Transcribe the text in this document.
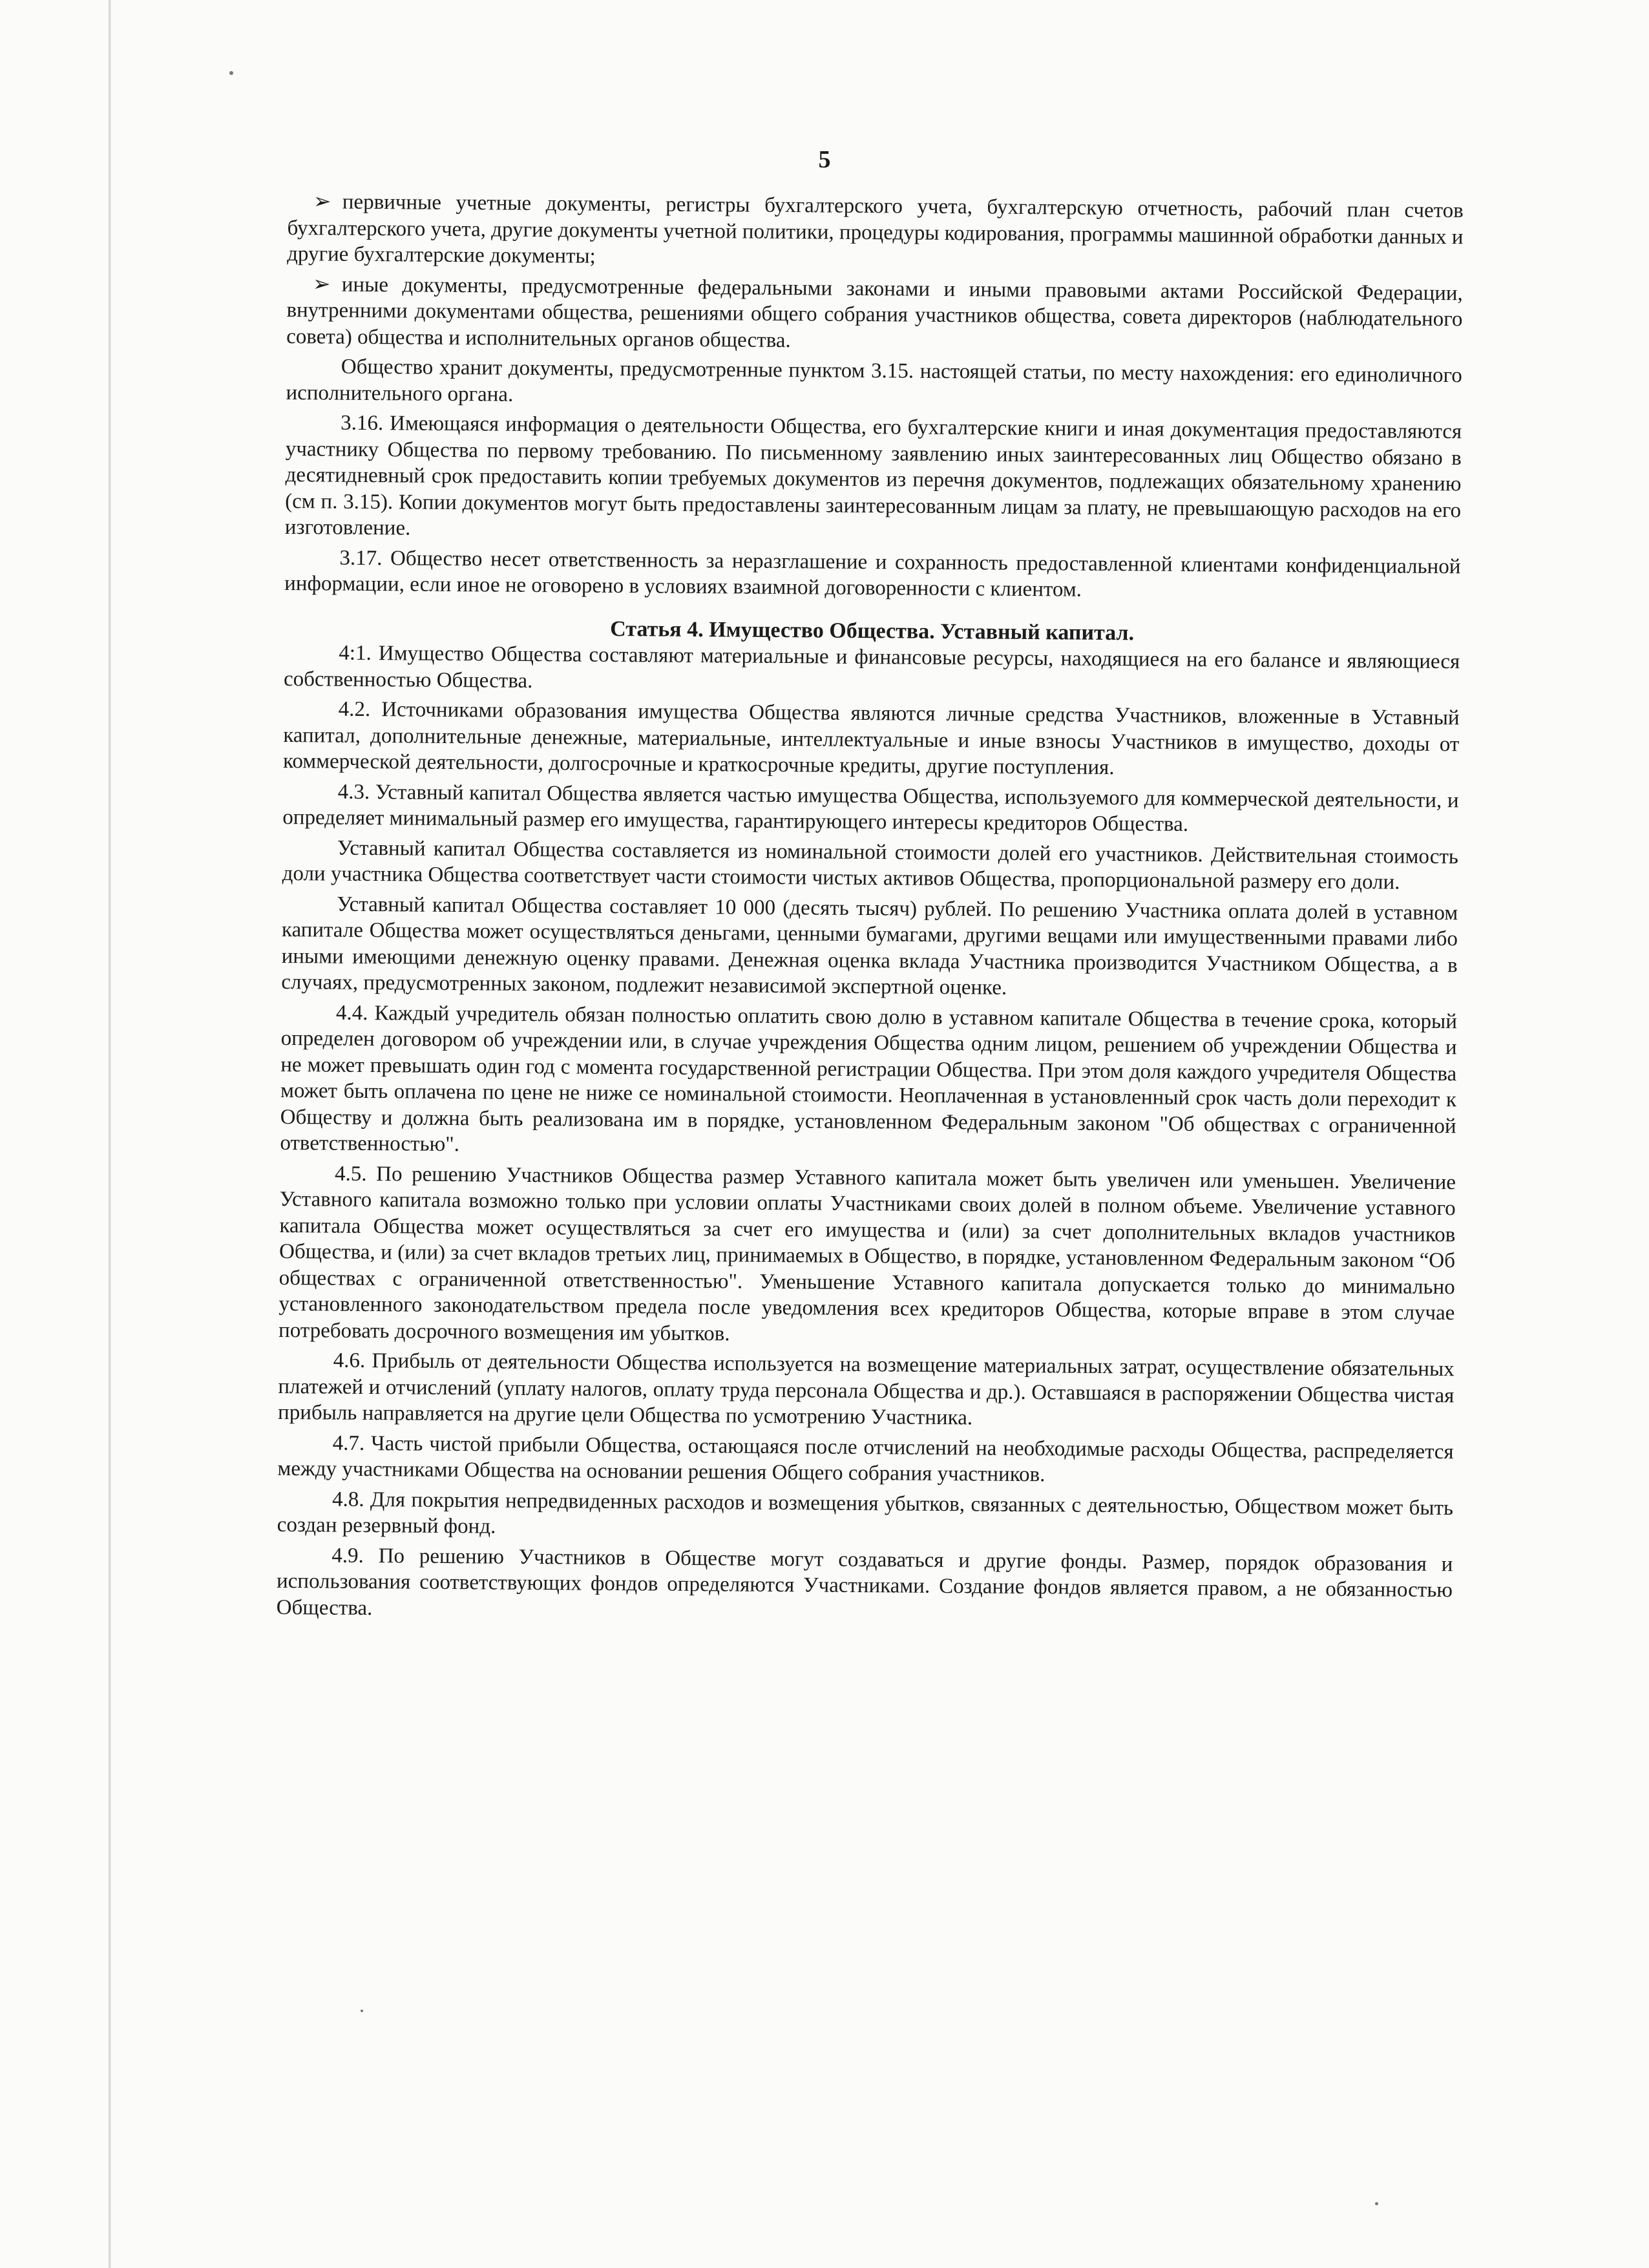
5

➢ первичные учетные документы, регистры бухгалтерского учета, бухгалтерскую отчетность, рабочий план счетов бухгалтерского учета, другие документы учетной политики, процедуры кодирования, программы машинной обработки данных и другие бухгалтерские документы;

➢ иные документы, предусмотренные федеральными законами и иными правовыми актами Российской Федерации, внутренними документами общества, решениями общего собрания участников общества, совета директоров (наблюдательного совета) общества и исполнительных органов общества.

Общество хранит документы, предусмотренные пунктом 3.15. настоящей статьи, по месту нахождения: его единоличного исполнительного органа.

3.16. Имеющаяся информация о деятельности Общества, его бухгалтерские книги и иная документация предоставляются участнику Общества по первому требованию. По письменному заявлению иных заинтересованных лиц Общество обязано в десятидневный срок предоставить копии требуемых документов из перечня документов, подлежащих обязательному хранению (см п. 3.15). Копии документов могут быть предоставлены заинтересованным лицам за плату, не превышающую расходов на его изготовление.

3.17. Общество несет ответственность за неразглашение и сохранность предоставленной клиентами конфиденциальной информации, если иное не оговорено в условиях взаимной договоренности с клиентом.

Статья 4. Имущество Общества. Уставный капитал.

4:1. Имущество Общества составляют материальные и финансовые ресурсы, находящиеся на его балансе и являющиеся собственностью Общества.

4.2. Источниками образования имущества Общества являются личные средства Участников, вложенные в Уставный капитал, дополнительные денежные, материальные, интеллектуальные и иные взносы Участников в имущество, доходы от коммерческой деятельности, долгосрочные и краткосрочные кредиты, другие поступления.

4.3. Уставный капитал Общества является частью имущества Общества, используемого для коммерческой деятельности, и определяет минимальный размер его имущества, гарантирующего интересы кредиторов Общества.

Уставный капитал Общества составляется из номинальной стоимости долей его участников. Действительная стоимость доли участника Общества соответствует части стоимости чистых активов Общества, пропорциональной размеру его доли.

Уставный капитал Общества составляет 10 000 (десять тысяч) рублей. По решению Участника оплата долей в уставном капитале Общества может осуществляться деньгами, ценными бумагами, другими вещами или имущественными правами либо иными имеющими денежную оценку правами. Денежная оценка вклада Участника производится Участником Общества, а в случаях, предусмотренных законом, подлежит независимой экспертной оценке.

4.4. Каждый учредитель обязан полностью оплатить свою долю в уставном капитале Общества в течение срока, который определен договором об учреждении или, в случае учреждения Общества одним лицом, решением об учреждении Общества и не может превышать один год с момента государственной регистрации Общества. При этом доля каждого учредителя Общества может быть оплачена по цене не ниже се номинальной стоимости. Неоплаченная в установленный срок часть доли переходит к Обществу и должна быть реализована им в порядке, установленном Федеральным законом "Об обществах с ограниченной ответственностью".

4.5. По решению Участников Общества размер Уставного капитала может быть увеличен или уменьшен. Увеличение Уставного капитала возможно только при условии оплаты Участниками своих долей в полном объеме. Увеличение уставного капитала Общества может осуществляться за счет его имущества и (или) за счет дополнительных вкладов участников Общества, и (или) за счет вкладов третьих лиц, принимаемых в Общество, в порядке, установленном Федеральным законом “Об обществах с ограниченной ответственностью". Уменьшение Уставного капитала допускается только до минимально установленного законодательством предела после уведомления всех кредиторов Общества, которые вправе в этом случае потребовать досрочного возмещения им убытков.

4.6. Прибыль от деятельности Общества используется на возмещение материальных затрат, осуществление обязательных платежей и отчислений (уплату налогов, оплату труда персонала Общества и др.). Оставшаяся в распоряжении Общества чистая прибыль направляется на другие цели Общества по усмотрению Участника.

4.7. Часть чистой прибыли Общества, остающаяся после отчислений на необходимые расходы Общества, распределяется между участниками Общества на основании решения Общего собрания участников.

4.8. Для покрытия непредвиденных расходов и возмещения убытков, связанных с деятельностью, Обществом может быть создан резервный фонд.

4.9. По решению Участников в Обществе могут создаваться и другие фонды. Размер, порядок образования и использования соответствующих фондов определяются Участниками. Создание фондов является правом, а не обязанностью Общества.
